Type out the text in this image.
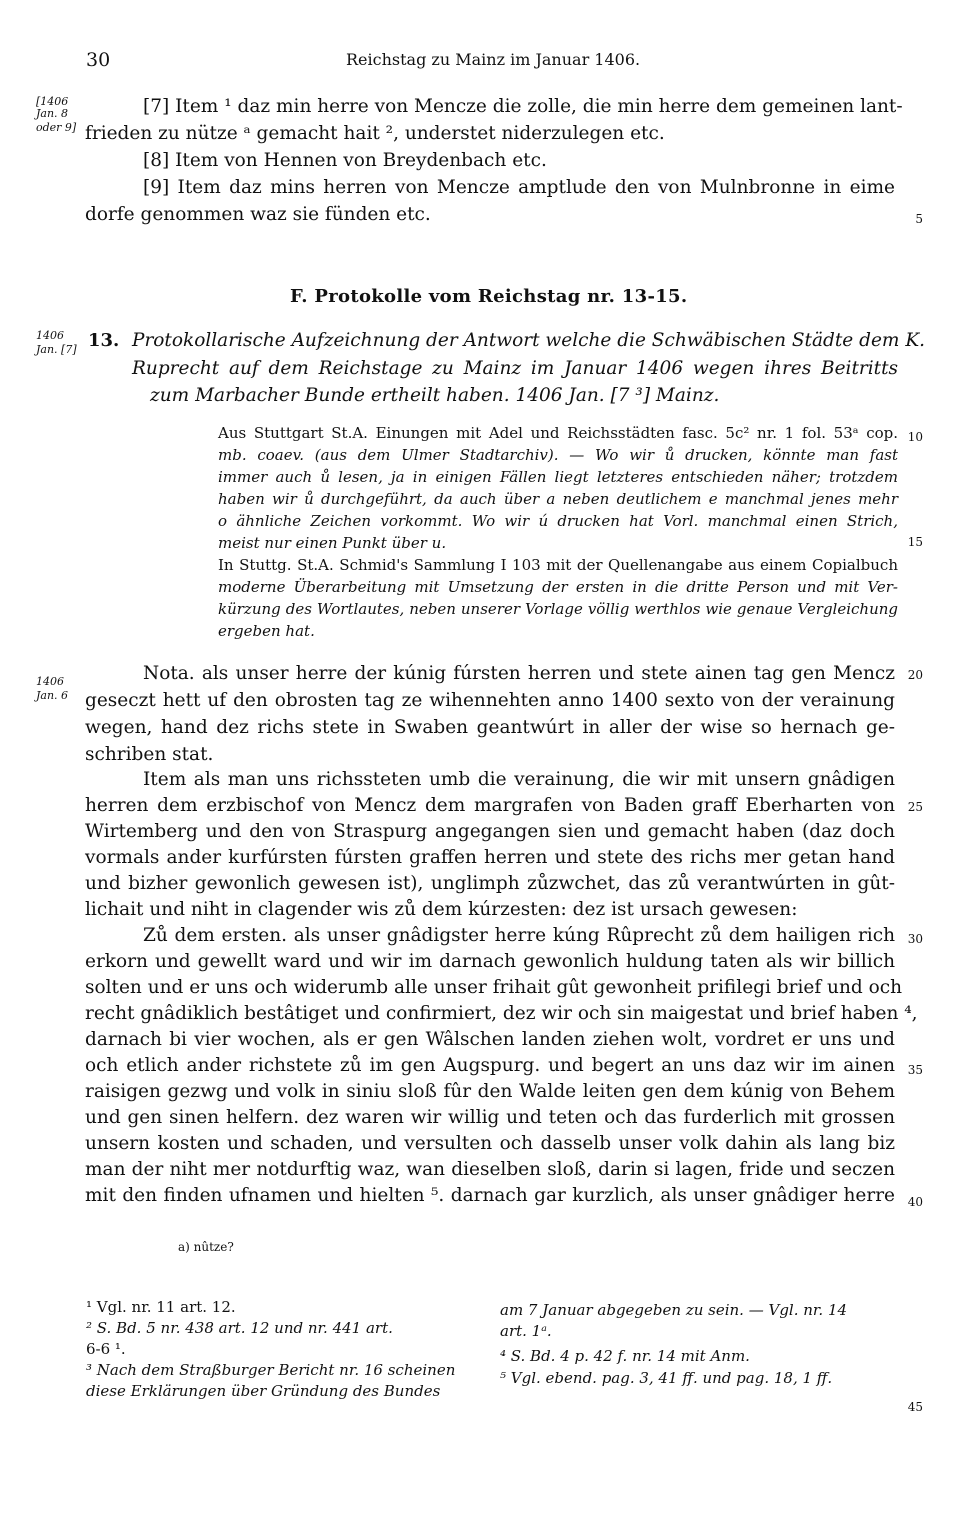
30	Reichstag zu Mainz im Januar 1406.
[1406
Jan. 8
oder 9]
1406
Jan. [7]
1406
Jan. 6
5
10
15
20
25
30
35
40
45
[7] Item ¹ daz min herre von Mencze die zolle, die min herre dem gemeinen lant-
frieden zu nütze ᵃ gemacht hait ², understet niderzulegen etc.
[8] Item von Hennen von Breydenbach etc.
[9] Item daz mins herren von Mencze amptlude den von Mulnbronne in eime
dorfe genommen waz sie fünden etc.
F. Protokolle vom Reichstag nr. 13-15.
13. Protokollarische Aufzeichnung der Antwort welche die Schwäbischen Städte dem K.
Ruprecht auf dem Reichstage zu Mainz im Januar 1406 wegen ihres Beitritts
zum Marbacher Bunde ertheilt haben. 1406 Jan. [7 ³] Mainz.
Aus Stuttgart St.A. Einungen mit Adel und Reichsstädten fasc. 5c² nr. 1 fol. 53ᵃ cop.
mb. coaev. (aus dem Ulmer Stadtarchiv). — Wo wir ů drucken, könnte man fast
immer auch ů lesen, ja in einigen Fällen liegt letzteres entschieden näher; trotzdem
haben wir ů durchgeführt, da auch über a neben deutlichem e manchmal jenes mehr
o ähnliche Zeichen vorkommt. Wo wir ú drucken hat Vorl. manchmal einen Strich,
meist nur einen Punkt über u.
In Stuttg. St.A. Schmid's Sammlung I 103 mit der Quellenangabe aus einem Copialbuch
moderne Überarbeitung mit Umsetzung der ersten in die dritte Person und mit Ver-
kürzung des Wortlautes, neben unserer Vorlage völlig werthlos wie genaue Vergleichung
ergeben hat.
Nota. als unser herre der kúnig fúrsten herren und stete ainen tag gen Mencz
geseczt hett uf den obrosten tag ze wihennehten anno 1400 sexto von der verainung
wegen, hand dez richs stete in Swaben geantwúrt in aller der wise so hernach ge-
schriben stat.
Item als man uns richssteten umb die verainung, die wir mit unsern gnâdigen
herren dem erzbischof von Mencz dem margrafen von Baden graff Eberharten von
Wirtemberg und den von Straspurg angegangen sien und gemacht haben (daz doch
vormals ander kurfúrsten fúrsten graffen herren und stete des richs mer getan hand
und bizher gewonlich gewesen ist), unglimph zůzwchet, das zů verantwúrten in gût-
lichait und niht in clagender wis zů dem kúrzesten: dez ist ursach gewesen:
Zů dem ersten. als unser gnâdigster herre kúng Rûprecht zů dem hailigen rich
erkorn und gewellt ward und wir im darnach gewonlich huldung taten als wir billich
solten und er uns och widerumb alle unser frihait gût gewonheit prifilegi brief und och
recht gnâdiklich bestâtiget und confirmiert, dez wir och sin maigestat und brief haben ⁴,
darnach bi vier wochen, als er gen Wâlschen landen ziehen wolt, vordret er uns und
och etlich ander richstete zů im gen Augspurg. und begert an uns daz wir im ainen
raisigen gezwg und volk in siniu sloß fûr den Walde leiten gen dem kúnig von Behem
und gen sinen helfern. dez waren wir willig und teten och das furderlich mit grossen
unsern kosten und schaden, und versulten och dasselb unser volk dahin als lang biz
man der niht mer notdurftig waz, wan dieselben sloß, darin si lagen, fride und seczen
mit den finden ufnamen und hielten ⁵. darnach gar kurzlich, als unser gnâdiger herre
a) nûtze?
¹ Vgl. nr. 11 art. 12.
² S. Bd. 5 nr. 438 art. 12 und nr. 441 art.
6-6 ¹.
³ Nach dem Straßburger Bericht nr. 16 scheinen
diese Erklärungen über Gründung des Bundes
am 7 Januar abgegeben zu sein. — Vgl. nr. 14
art. 1ᵃ.
⁴ S. Bd. 4 p. 42 f. nr. 14 mit Anm.
⁵ Vgl. ebend. pag. 3, 41 ff. und pag. 18, 1 ff.
